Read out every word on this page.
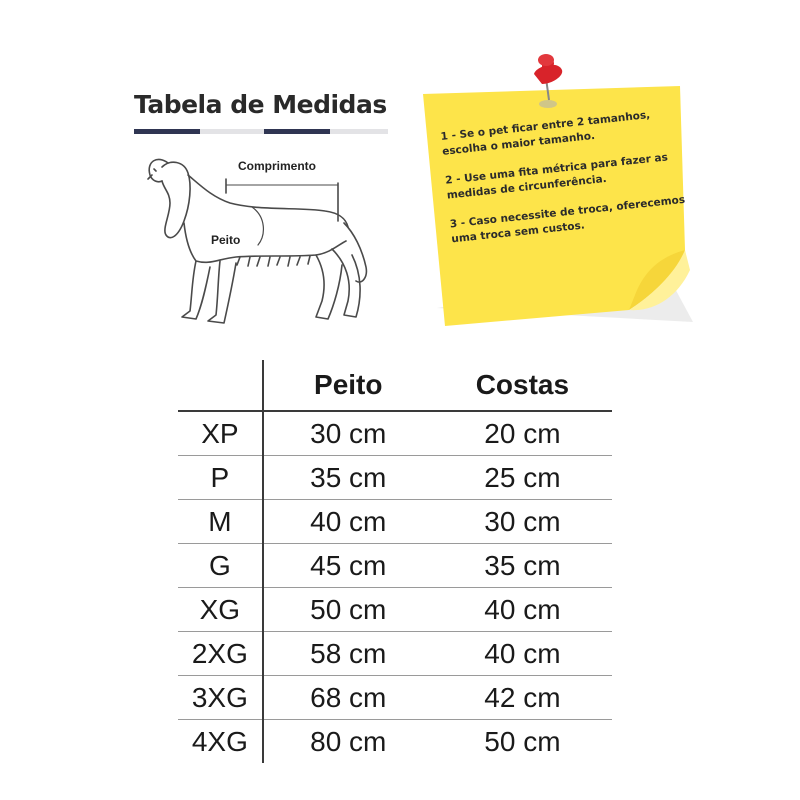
Tabela de Medidas
Comprimento
Peito

1 - Se o pet ficar entre 2 tamanhos, escolha o maior tamanho.

2 - Use uma fita métrica para fazer as medidas de circunferência.

3 - Caso necessite de troca, oferecemos uma troca sem custos.

	Peito	Costas
XP	30 cm	20 cm
P	35 cm	25 cm
M	40 cm	30 cm
G	45 cm	35 cm
XG	50 cm	40 cm
2XG	58 cm	40 cm
3XG	68 cm	42 cm
4XG	80 cm	50 cm
